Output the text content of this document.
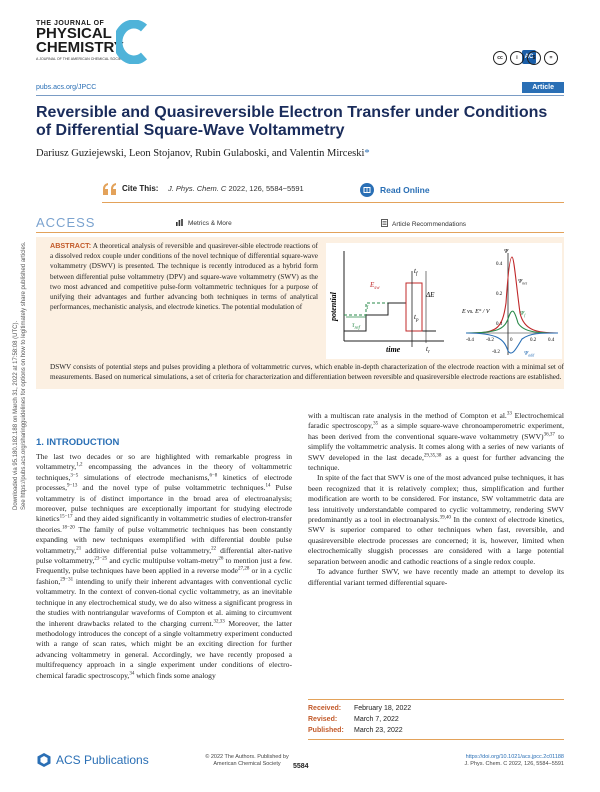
Downloaded via 95.180.182.188 on March 31, 2022 at 17:58:08 (UTC). See https://pubs.acs.org/sharingguidelines for options on how to legitimately share published articles.
THE JOURNAL OF
PHYSICAL
CHEMISTRY
A JOURNAL OF THE AMERICAN CHEMICAL SOCIETY	AC
cc	i	$	=
pubs.acs.org/JPCC	Article
Reversible and Quasireversible Electron Transfer under Conditions of Differential Square-Wave Voltammetry
Dariusz Guziejewski, Leon Stojanov, Rubin Gulaboski, and Valentin Mirceski*
Cite This: J. Phys. Chem. C 2022, 126, 5584−5591	Read Online
ACCESS	Metrics & More	Article Recommendations
ABSTRACT: A theoretical analysis of reversible and quasirever-sible electrode reactions of a dissolved redox couple under conditions of the novel technique of differential square-wave voltammetry (DSWV) is presented. The technique is recently introduced as a hybrid form between differential pulse voltammetry (DPV) and square-wave voltammetry (SWV) as the two most advanced and competitive pulse-form voltammetric techniques for a purpose of unifying their advantages and further advancing both techniques in terms of analytical performances, mechanistic analysis, and electrode kinetics. The potential modulation of
DSWV consists of potential steps and pulses providing a plethora of voltammetric curves, which enable in-depth characterization of the electrode reaction with a minimal set of measurements. Based on numerical simulations, a set of criteria for characterization and differentiation between reversible and quasireversible electrode reactions are established.
potential
time
$E_{sw}$
ΔE
τ
$\tau_{ref}$
$t_f$
$t_r$
$t_p$
Ψ
0.4
0.2
0.0
-0.2
-0.4 -0.2	0	0.2 0.4
E vs. E° / V
$\Psi_{net}$
$\Psi_f$
$\Psi_{add}$
1. INTRODUCTION

The last two decades or so are highlighted with remarkable progress in voltammetry,$^{1,2}$ encompassing the advances in the theory of voltammetric techniques,$^{3-5}$ simulations of electrode mechanisms,$^{6-8}$ kinetics of electrode processes,$^{9-13}$ and the novel type of pulse voltammetric techniques.$^{14}$ Pulse voltammetry is of distinct importance in the broad area of electroanalysis; moreover, pulse techniques are exceptionally important for studying electrode kinetics$^{15-17}$ and they aided significantly in voltammetric studies of electron-transfer theories.$^{18-20}$ The family of pulse voltammetric techniques has been constantly expanding with new techniques exemplified with differential double pulse voltammetry,$^{21}$ additive differential pulse voltammetry,$^{22}$ differential alter-native pulse voltammetry,$^{23-25}$ and cyclic multipulse voltam-metry$^{26}$ to mention just a few. Frequently, pulse techniques have been applied in a reverse mode$^{27,28}$ or in a cyclic fashion,$^{29-31}$ intending to unify their inherent advantages with conventional cyclic voltammetry. In the context of conven-tional cyclic voltammetry, as an inevitable technique in any electrochemical study, we do also witness a significant progress in the studies with nontriangular waveforms of Compton et al. aiming to circumvent the inherent drawbacks related to the charging current.$^{32,33}$ Moreover, the latter methodology introduces the concept of a single voltammetry experiment conducted with a range of scan rates, which might be an exciting direction for further advancing voltammetry in general. Accordingly, we have recently proposed a multifrequency approach in a single experiment under conditions of electro-chemical faradic spectroscopy,$^{34}$ which finds some analogy

with a multiscan rate analysis in the method of Compton et al.$^{33}$ Electrochemical faradic spectroscopy,$^{35}$ as a simple square-wave chronoamperometric experiment, has been derived from the conventional square-wave voltammetry (SWV)$^{36,37}$ to simplify the voltammetric analysis. It comes along with a series of new variants of SWV developed in the last decade,$^{29,35,38}$ as a quest for further advancing the technique.

In spite of the fact that SWV is one of the most advanced pulse techniques, it has been recognized that it is relatively complex; thus, simplification and further modification are worth to be considered. For instance, SW voltammetric data are less intuitively understandable compared to cyclic voltammetry, rendering SWV predominantly as a tool in electroanalysis.$^{39,40}$ In the context of electrode kinetics, SWV is superior compared to other techniques when fast, reversible, and quasireversible electrode processes are concerned; it is, however, limited when electrochemically sluggish processes are considered with a large potential separation between anodic and cathodic reactions of a single redox couple.

To advance further SWV, we have recently made an attempt to develop its differential variant termed differential square-

Received:	February 18, 2022
Revised:	March 7, 2022
Published:	March 23, 2022
ACS Publications	© 2022 The Authors. Published by
American Chemical Society	5584
https://doi.org/10.1021/acs.jpcc.2c01188
J. Phys. Chem. C 2022, 126, 5584−5591
